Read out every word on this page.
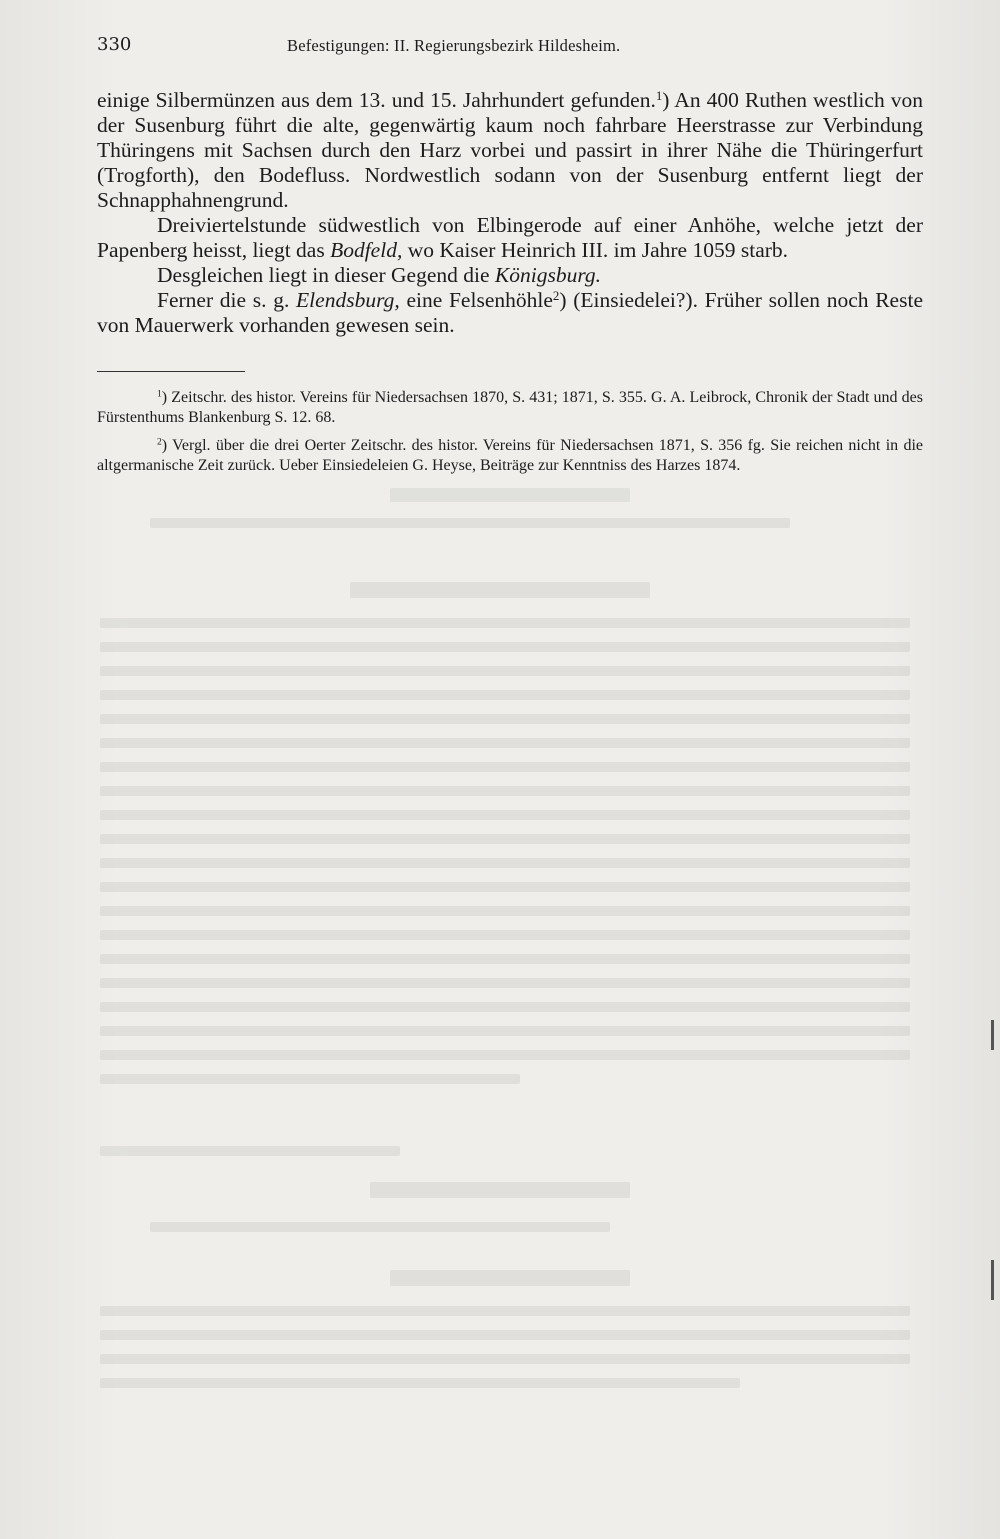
330	Befestigungen: II. Regierungsbezirk Hildesheim.

einige Silbermünzen aus dem 13. und 15. Jahrhundert gefunden.$^1$) An 400 Ruthen westlich von der Susenburg führt die alte, gegenwärtig kaum noch fahrbare Heerstrasse zur Verbindung Thüringens mit Sachsen durch den Harz vorbei und passirt in ihrer Nähe die Thüringerfurt (Trogforth), den Bodefluss. Nordwestlich sodann von der Susenburg entfernt liegt der Schnapphahnengrund.

Dreiviertelstunde südwestlich von Elbingerode auf einer Anhöhe, welche jetzt der Papenberg heisst, liegt das Bodfeld, wo Kaiser Heinrich III. im Jahre 1059 starb.

Desgleichen liegt in dieser Gegend die Königsburg.

Ferner die s. g. Elendsburg, eine Felsenhöhle$^2$) (Einsiedelei?). Früher sollen noch Reste von Mauerwerk vorhanden gewesen sein.

$^1$) Zeitschr. des histor. Vereins für Niedersachsen 1870, S. 431; 1871, S. 355. G. A. Leibrock, Chronik der Stadt und des Fürstenthums Blankenburg S. 12. 68.

$^2$) Vergl. über die drei Oerter Zeitschr. des histor. Vereins für Niedersachsen 1871, S. 356 fg. Sie reichen nicht in die altgermanische Zeit zurück. Ueber Einsiedeleien G. Heyse, Beiträge zur Kenntniss des Harzes 1874.
